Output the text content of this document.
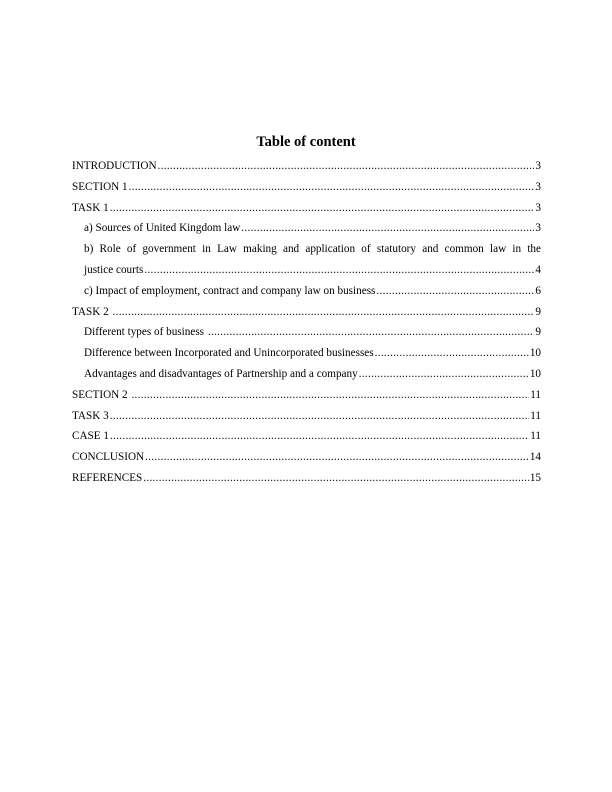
Table of content
INTRODUCTION .....	3
SECTION 1 .....	3
TASK 1 .....	3
a) Sources of United Kingdom law .....	3
b) Role of government in Law making and application of statutory and common law in the
justice courts .....	4
c) Impact of employment, contract and company law on business .....	6
TASK 2 .....	9
Different types of business .....	9
Difference between Incorporated and Unincorporated businesses .....	10
Advantages and disadvantages of Partnership and a company .....	10
SECTION 2 .....	11
TASK 3 .....	11
CASE 1 .....	11
CONCLUSION .....	14
REFERENCES .....	15
